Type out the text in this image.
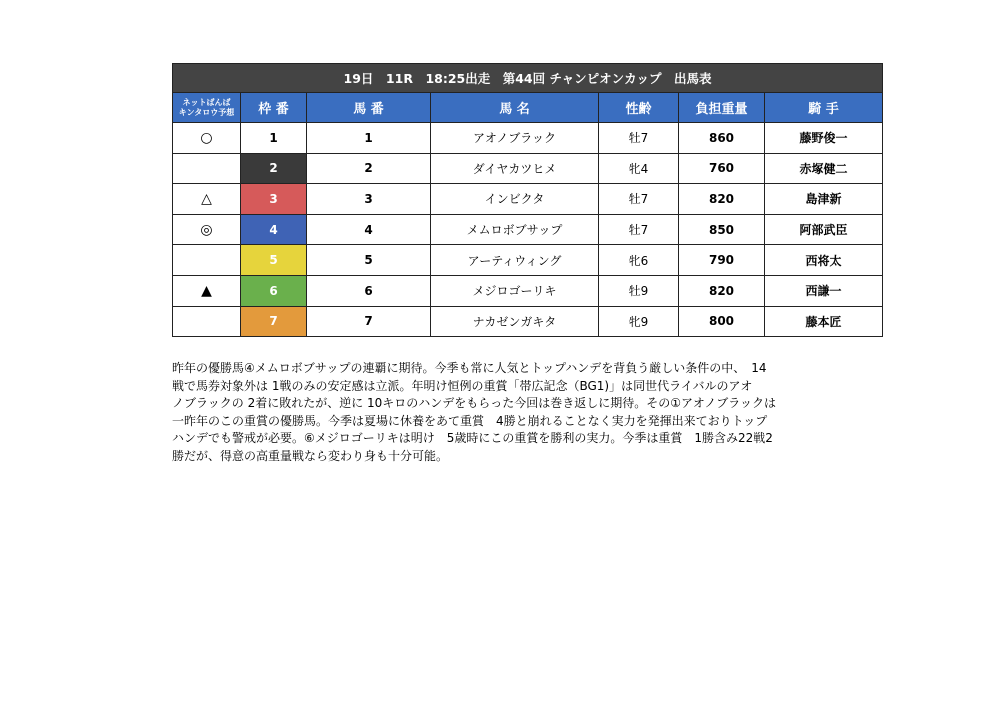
19日　11R　18:25出走　第44回 チャンピオンカップ　出馬表						

ネットばんば
キンタロウ予想	枠 番	馬 番	馬 名	性齢	負担重量	騎 手
○	1	1	アオノブラック	牡7	860	藤野俊一
	2	2	ダイヤカツヒメ	牝4	760	赤塚健二
△	3	3	インビクタ	牡7	820	島津新
◎	4	4	メムロボブサップ	牡7	850	阿部武臣
	5	5	アーティウィング	牝6	790	西将太
▲	6	6	メジロゴーリキ	牡9	820	西謙一
	7	7	ナカゼンガキタ	牝9	800	藤本匠

昨年の優勝馬④メムロボブサップの連覇に期待。今季も常に人気とトップハンデを背負う厳しい条件の中、　14
戦で馬券対象外は 1戦のみの安定感は立派。年明け恒例の重賞「帯広記念（BG1)」は同世代ライバルのアオ
ノブラックの 2着に敗れたが、逆に 10キロのハンデをもらった今回は巻き返しに期待。その①アオノブラックは
一昨年のこの重賞の優勝馬。今季は夏場に休養をあて重賞　4勝と崩れることなく実力を発揮出来ておりトップ
ハンデでも警戒が必要。⑥メジロゴーリキは明け　5歳時にこの重賞を勝利の実力。今季は重賞　1勝含み22戦2
勝だが、得意の高重量戦なら変わり身も十分可能。
